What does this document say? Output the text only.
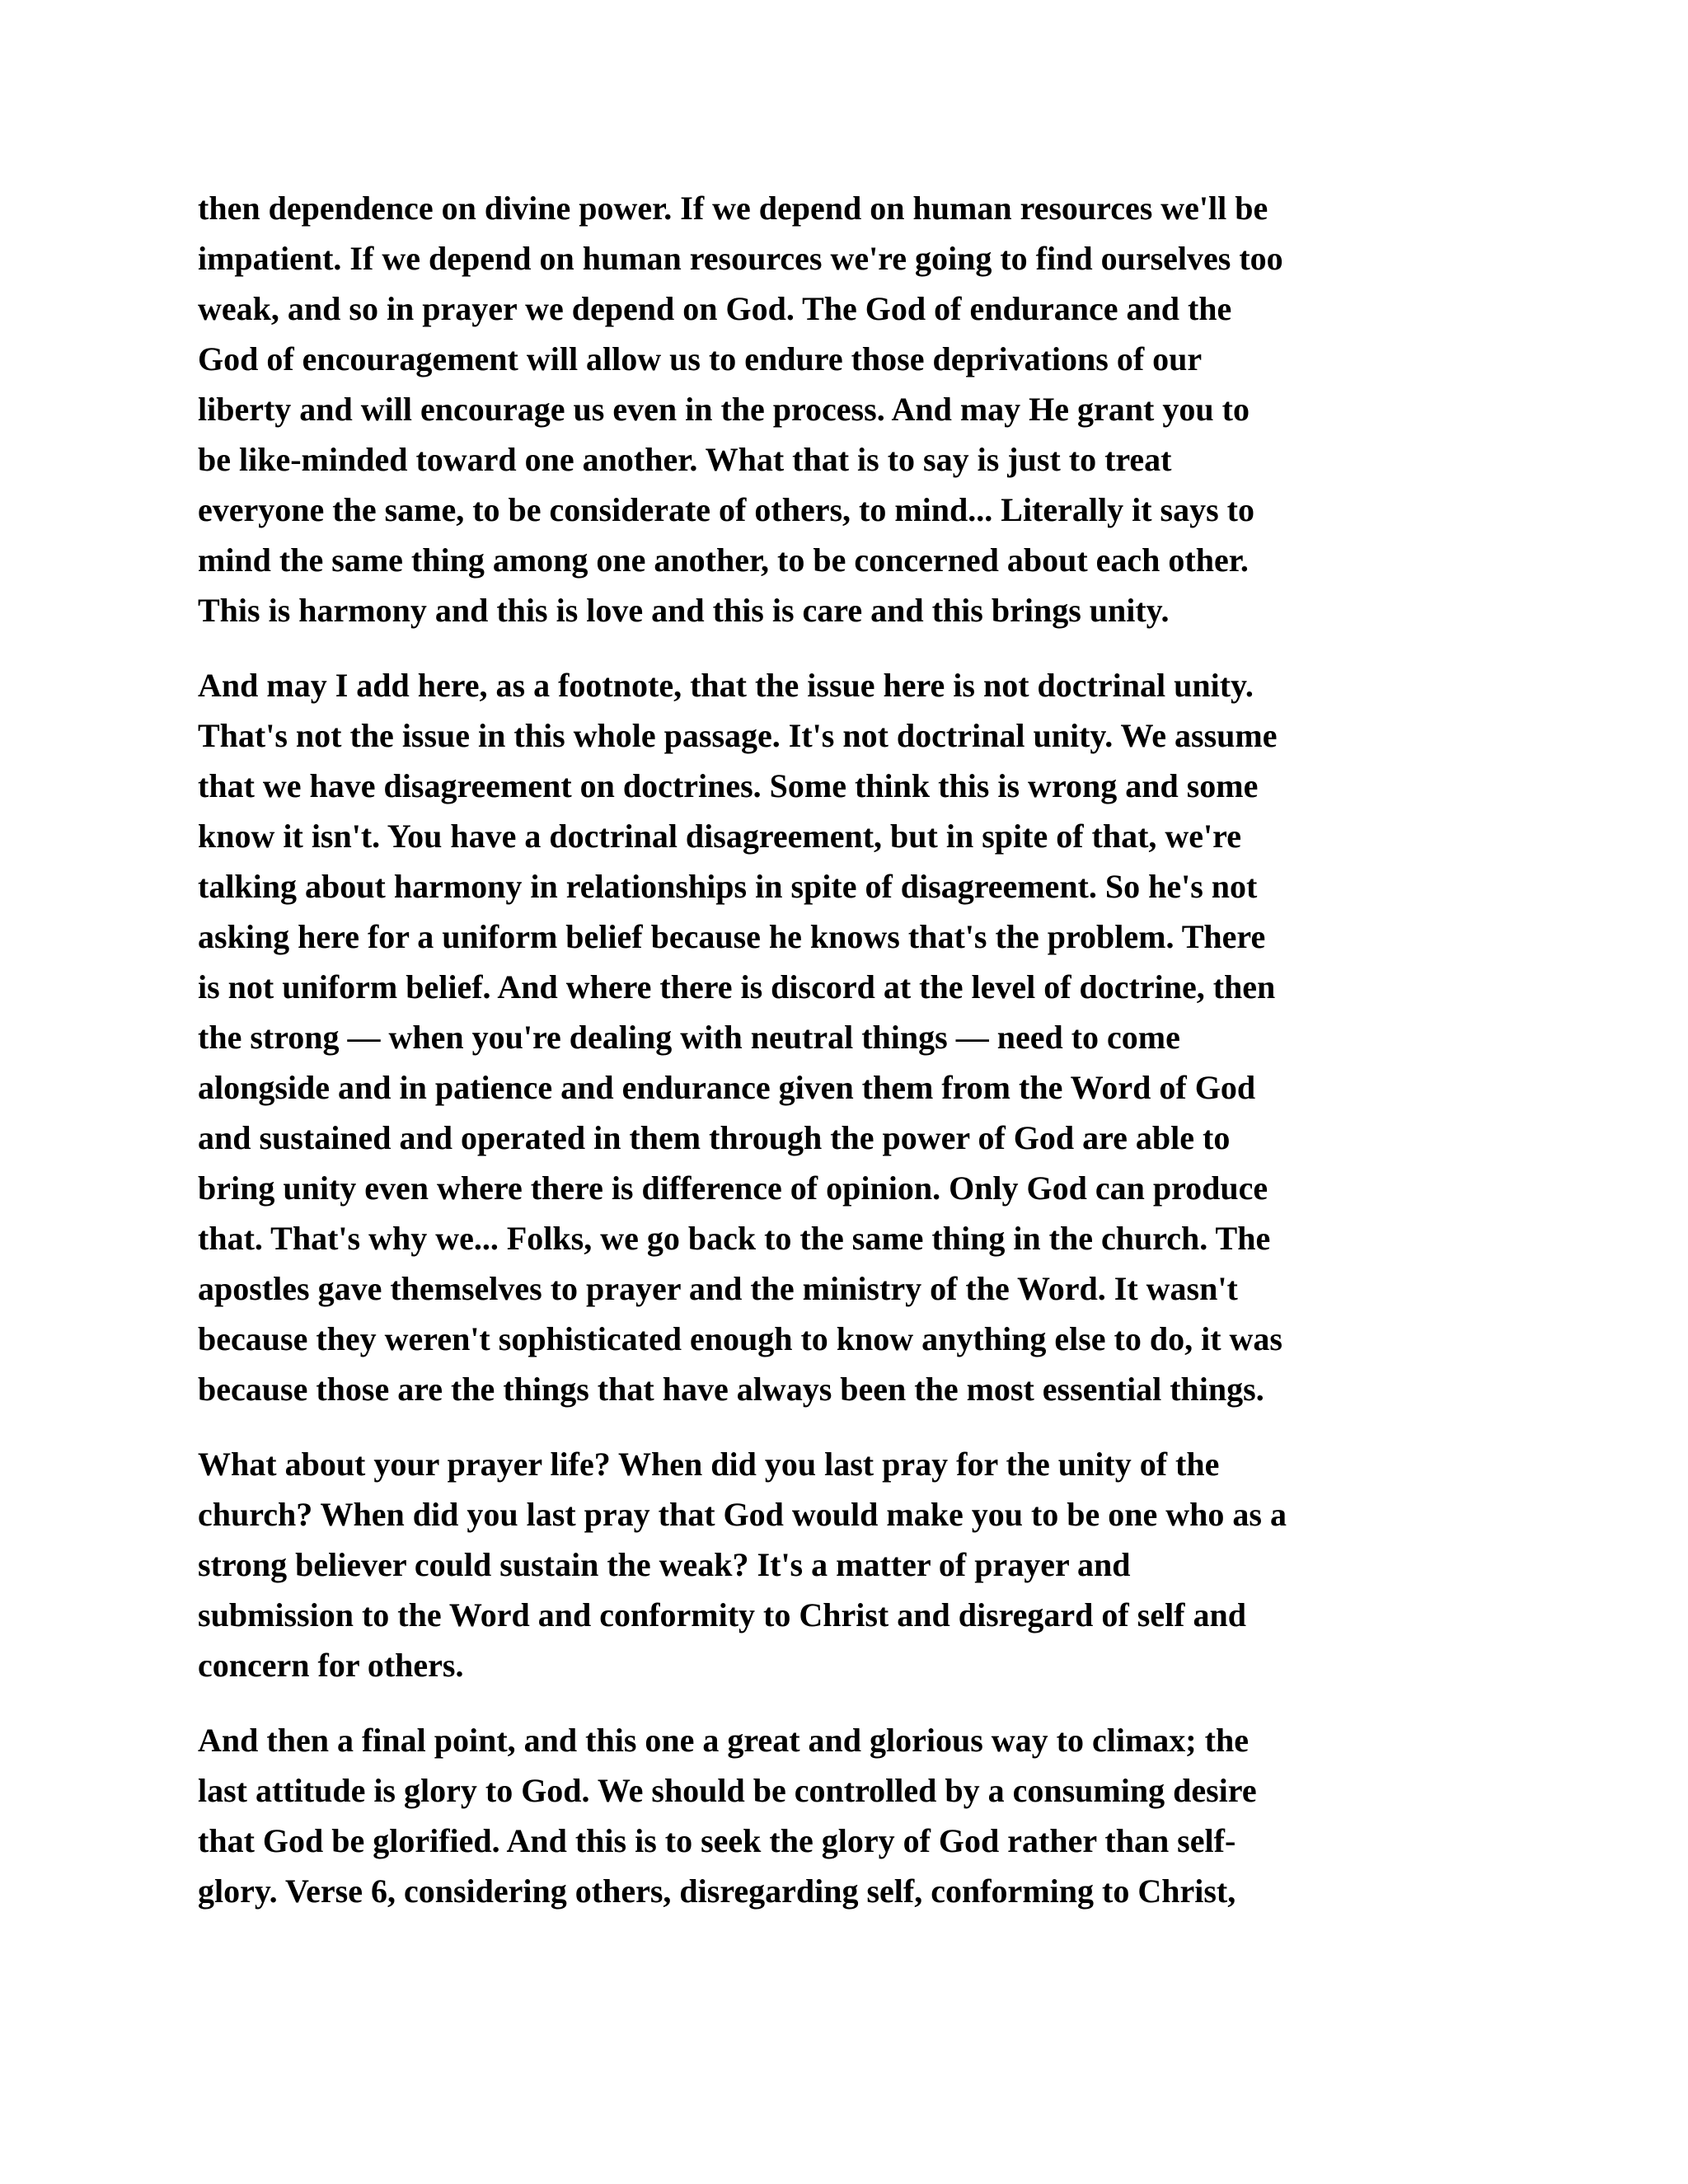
then dependence on divine power. If we depend on human resources we'll be
impatient. If we depend on human resources we're going to find ourselves too
weak, and so in prayer we depend on God. The God of endurance and the
God of encouragement will allow us to endure those deprivations of our
liberty and will encourage us even in the process. And may He grant you to
be like-minded toward one another. What that is to say is just to treat
everyone the same, to be considerate of others, to mind... Literally it says to
mind the same thing among one another, to be concerned about each other.
This is harmony and this is love and this is care and this brings unity.
And may I add here, as a footnote, that the issue here is not doctrinal unity.
That's not the issue in this whole passage. It's not doctrinal unity. We assume
that we have disagreement on doctrines. Some think this is wrong and some
know it isn't. You have a doctrinal disagreement, but in spite of that, we're
talking about harmony in relationships in spite of disagreement. So he's not
asking here for a uniform belief because he knows that's the problem. There
is not uniform belief. And where there is discord at the level of doctrine, then
the strong — when you're dealing with neutral things — need to come
alongside and in patience and endurance given them from the Word of God
and sustained and operated in them through the power of God are able to
bring unity even where there is difference of opinion. Only God can produce
that. That's why we... Folks, we go back to the same thing in the church. The
apostles gave themselves to prayer and the ministry of the Word. It wasn't
because they weren't sophisticated enough to know anything else to do, it was
because those are the things that have always been the most essential things.
What about your prayer life? When did you last pray for the unity of the
church? When did you last pray that God would make you to be one who as a
strong believer could sustain the weak? It's a matter of prayer and
submission to the Word and conformity to Christ and disregard of self and
concern for others.
And then a final point, and this one a great and glorious way to climax; the
last attitude is glory to God. We should be controlled by a consuming desire
that God be glorified. And this is to seek the glory of God rather than self-
glory. Verse 6, considering others, disregarding self, conforming to Christ,
